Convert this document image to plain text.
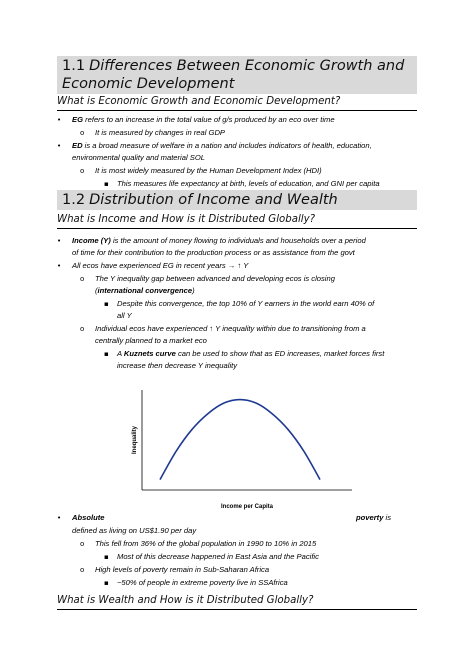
1.1 Differences Between Economic Growth and
Economic Development
What is Economic Growth and Economic Development?
• EG refers to an increase in the total value of g/s produced by an eco over time
o It is measured by changes in real GDP
• ED is a broad measure of welfare in a nation and includes indicators of health, education,
environmental quality and material SOL
o It is most widely measured by the Human Development Index (HDI)
▪ This measures life expectancy at birth, levels of education, and GNI per capita
1.2 Distribution of Income and Wealth
What is Income and How is it Distributed Globally?
• Income (Y) is the amount of money flowing to individuals and households over a period
of time for their contribution to the production process or as assistance from the govt
• All ecos have experienced EG in recent years → ↑ Y
o The Y inequality gap between advanced and developing ecos is closing
(international convergence)
▪ Despite this convergence, the top 10% of Y earners in the world earn 40% of
all Y
o Individual ecos have experienced ↑ Y inequality within due to transitioning from a
centrally planned to a market eco
▪ A Kuznets curve can be used to show that as ED increases, market forces first
increase then decrease Y inequality
Inequality
Income per Capita
• Absolute	poverty is
defined as living on US$1.90 per day
o This fell from 36% of the global population in 1990 to 10% in 2015
▪ Most of this decrease happened in East Asia and the Pacific
o High levels of poverty remain in Sub-Saharan Africa
▪ ~50% of people in extreme poverty live in SSAfrica
What is Wealth and How is it Distributed Globally?
